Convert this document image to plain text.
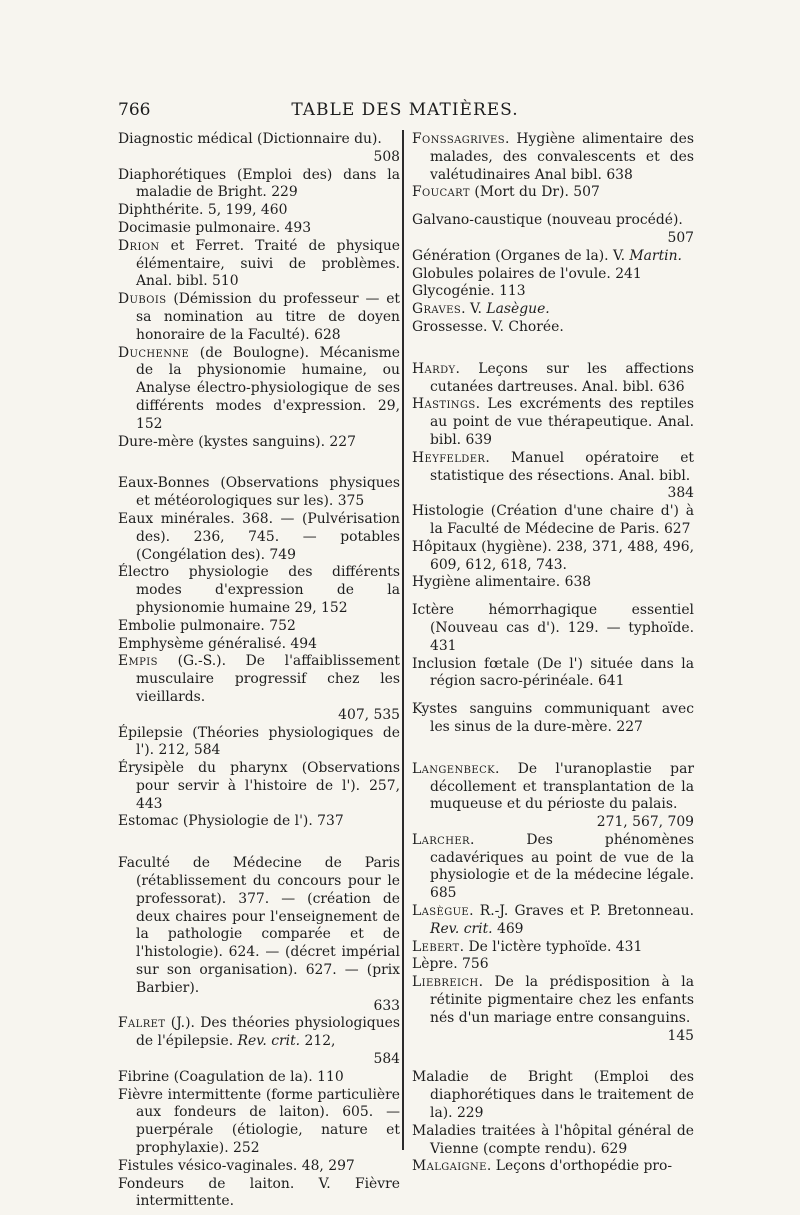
766	TABLE DES MATIÈRES.
Diagnostic médical (Dictionnaire du).
508
Diaphorétiques (Emploi des) dans la maladie de Bright. 229
Diphthérite. 5, 199, 460
Docimasie pulmonaire. 493
Drion et Ferret. Traité de physique élémentaire, suivi de problèmes. Anal. bibl. 510
Dubois (Démission du professeur — et sa nomination au titre de doyen honoraire de la Faculté). 628
Duchenne (de Boulogne). Mécanisme de la physionomie humaine, ou Analyse électro-physiologique de ses différents modes d'expression. 29, 152
Dure-mère (kystes sanguins). 227
Eaux-Bonnes (Observations physiques et météorologiques sur les). 375
Eaux minérales. 368. — (Pulvérisation des). 236, 745. — potables (Congélation des). 749
Électro physiologie des différents modes d'expression de la physionomie humaine 29, 152
Embolie pulmonaire. 752
Emphysème généralisé. 494
Empis (G.-S.). De l'affaiblissement musculaire progressif chez les vieillards.
407, 535
Épilepsie (Théories physiologiques de l'). 212, 584
Érysipèle du pharynx (Observations pour servir à l'histoire de l'). 257, 443
Estomac (Physiologie de l'). 737
Faculté de Médecine de Paris (rétablissement du concours pour le professorat). 377. — (création de deux chaires pour l'enseignement de la pathologie comparée et de l'histologie). 624. — (décret impérial sur son organisation). 627. — (prix Barbier).
633
Falret (J.). Des théories physiologiques de l'épilepsie. Rev. crit. 212,
584
Fibrine (Coagulation de la). 110
Fièvre intermittente (forme particulière aux fondeurs de laiton). 605. — puerpérale (étiologie, nature et prophylaxie). 252
Fistules vésico-vaginales. 48, 297
Fondeurs de laiton. V. Fièvre intermittente.
Fonssagrives. Hygiène alimentaire des malades, des convalescents et des valétudinaires Anal bibl. 638
Foucart (Mort du Dr). 507
Galvano-caustique (nouveau procédé).
507
Génération (Organes de la). V. Martin.
Globules polaires de l'ovule. 241
Glycogénie. 113
Graves. V. Lasègue.
Grossesse. V. Chorée.
Hardy. Leçons sur les affections cutanées dartreuses. Anal. bibl. 636
Hastings. Les excréments des reptiles au point de vue thérapeutique. Anal. bibl. 639
Heyfelder. Manuel opératoire et statistique des résections. Anal. bibl.
384
Histologie (Création d'une chaire d') à la Faculté de Médecine de Paris. 627
Hôpitaux (hygiène). 238, 371, 488, 496, 609, 612, 618, 743.
Hygiène alimentaire. 638
Ictère hémorrhagique essentiel (Nouveau cas d'). 129. — typhoïde. 431
Inclusion fœtale (De l') située dans la région sacro-périnéale. 641
Kystes sanguins communiquant avec les sinus de la dure-mère. 227
Langenbeck. De l'uranoplastie par décollement et transplantation de la muqueuse et du périoste du palais.
271, 567, 709
Larcher. Des phénomènes cadavériques au point de vue de la physiologie et de la médecine légale. 685
Lasègue. R.-J. Graves et P. Bretonneau. Rev. crit. 469
Lebert. De l'ictère typhoïde. 431
Lèpre. 756
Liebreich. De la prédisposition à la rétinite pigmentaire chez les enfants nés d'un mariage entre consanguins.
145
Maladie de Bright (Emploi des diaphorétiques dans le traitement de la). 229
Maladies traitées à l'hôpital général de Vienne (compte rendu). 629
Malgaigne. Leçons d'orthopédie pro-
